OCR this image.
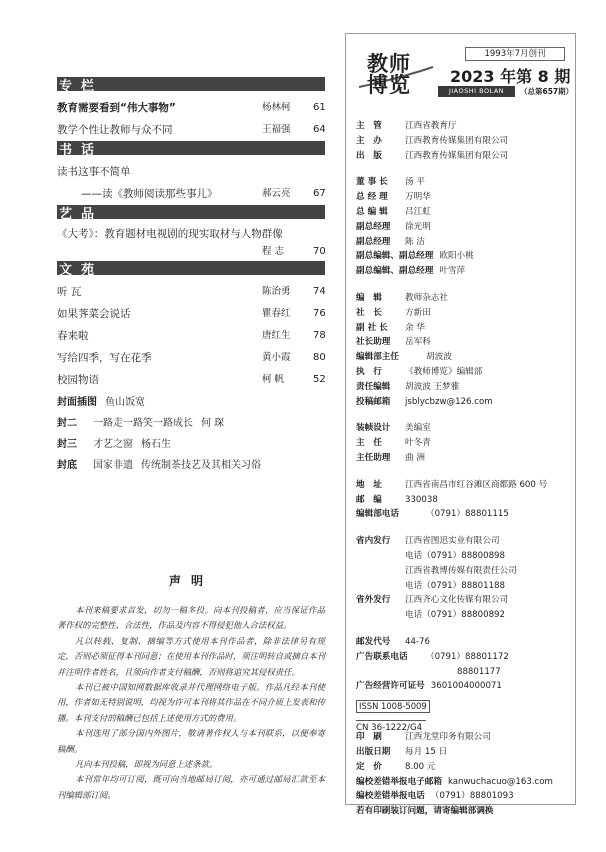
专栏
教育需要看到“伟大事物”	杨林柯 61
教学个性让教师与众不同	王福强 64
书话
读书这事不简单
——读《教师阅读那些事儿》	郝云亮 67
艺品
《大考》：教育题材电视剧的现实取材与人物群像
程 志	70
文苑
听 瓦	陈治勇 74
如果荠菜会说话	瞿春红 76
春来啦	唐红生 78
写给四季，写在花季	黄小霞 80
校园物语	柯 帆	52
封面插图 鱼山饭宽
封二 一路走一路笑一路成长 何 琛
封三 才艺之窗 杨石生
封底 国家非遗 传统制茶技艺及其相关习俗
声明

本刊来稿要求首发，切勿一稿多投。向本刊投稿者，应当保证作品著作权的完整性、合法性，作品及内容不得侵犯他人合法权益。

凡以转载、复制、摘编等方式使用本刊作品者，除非法律另有规定，否则必须征得本刊同意；在使用本刊作品时，须注明转自或摘自本刊并注明作者姓名，且须向作者支付稿酬，否则将追究其侵权责任。

本刊已被中国知网数据库收录并代理网络电子版。作品凡经本刊使用，作者如无特别说明，均视为许可本刊将其作品在不同介质上发表和传播。本刊支付的稿酬已包括上述使用方式的费用。

本刊选用了部分国内外图片，敬请著作权人与本刊联系，以便奉寄稿酬。

凡向本刊投稿，即视为同意上述条款。

本刊常年均可订阅，既可向当地邮局订阅，亦可通过邮局汇款至本刊编辑部订阅。

教师
博览
1993年7月创刊
2023 年第 8 期
JIAOSHI BOLAN	（总第657期）
主　管	江西省教育厅
主　办	江西教育传媒集团有限公司
出　版	江西教育传媒集团有限公司
董 事 长 汤 平
总 经 理 万明华
总 编 辑 吕江虹
副总经理 徐光明
副总经理 陈 洁
副总编辑、副总经理 欧阳小桃
副总编辑、副总经理 叶雪萍
编　辑	教师杂志社
社　长	方新田
副 社 长 余 华
社长助理 岳军科
编辑部主任	胡波波
执　行	《教师博览》编辑部
责任编辑 胡波波 王梦雅
投稿邮箱 jsblycbzw@126.com
装帧设计 美编室
主　任	叶冬青
主任助理 曲 洲
地　址	江西省南昌市红谷滩区商都路 600 号
邮　编	330038
编辑部电话	（0791）88801115
省内发行 江西省图迅实业有限公司
电话（0791）88800898
江西省教博传媒有限责任公司
电话（0791）88801188
省外发行 江西齐心文化传媒有限公司
电话（0791）88800892
邮发代号 44-76
广告联系电话 （0791）88801172
88801177
广告经营许可证号 3601004000071
ISSN 1008-5009
CN 36-1222/G4
印　刷	江西龙堂印务有限公司
出版日期 每月 15 日
定　价	8.00 元
编校差错举报电子邮箱 kanwuchacuo@163.com
编校差错举报电话 （0791）88801093
若有印刷装订问题，请寄编辑部调换
